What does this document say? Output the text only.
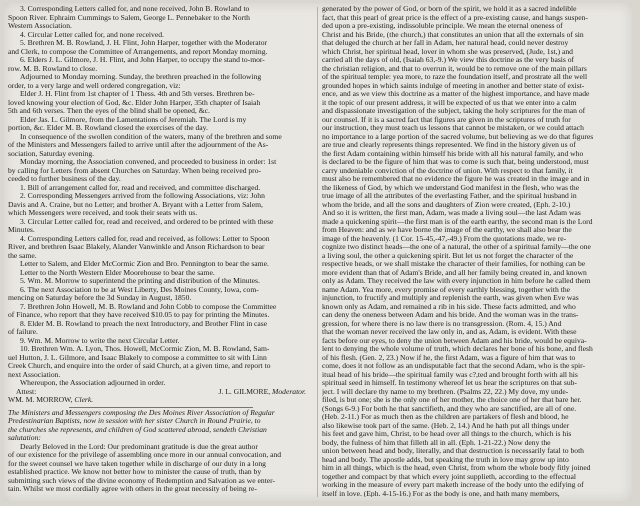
3. Corresponding Letters called for, and none received, John B. Rowland to

Spoon River. Ephraim Cummings to Salem, George L. Pennebaker to the North

Western Association.

4. Circular Letter called for, and none received.

5. Brethren M. B. Rowland, J. H. Flint, John Harper, together with the Moderator

and Clerk, to compose the Committee of Arrangements, and report Monday morning.

6. Elders J. L. Gilmore, J. H. Flint, and John Harper, to occupy the stand to-mor-

row. M. B. Rowland to close.

Adjourned to Monday morning. Sunday, the brethren preached in the following

order, to a very large and well ordered congregation, viz:

Elder J. H. Flint from 1st chapter of 1 Thess. 4th and 5th verses. Brethren be-

loved knowing your election of God, &c. Elder John Harper, 35th chapter of Isaiah

5th and 6th verses. Then the eyes of the blind shall be opened, &c.

Elder Jas. L. Gilmore, from the Lamentations of Jeremiah. The Lord is my

portion, &c. Elder M. B. Rowland closed the exercises of the day.

In consequence of the swollen condition of the waters, many of the brethren and some

of the Ministers and Messengers failed to arrive until after the adjournment of the As-

sociation, Saturday evening.

Monday morning, the Association convened, and proceeded to business in order: 1st

by calling for Letters from absent Churches on Saturday. When being received pro-

ceeded to further business of the day.

1. Bill of arrangement called for, read and received, and committee discharged.

2. Corresponding Messengers arrived from the following Associations, viz: John

Davis and A. Craine, but no Letter; and brother A. Bryant with a Letter from Salem,

which Messengers were received, and took their seats with us.

3. Circular Letter called for, read and received, and ordered to be printed with these

Minutes.

4. Corresponding Letters called for, read and received, as follows: Letter to Spoon

River, and brethren Isaac Blakely, Alander Vanwinkle and Anson Richardson to bear

the same.

Letter to Salem, and Elder McCormic Zion and Bro. Pennington to bear the same.

Letter to the North Western Elder Moorehouse to bear the same.

5. Wm. M. Morrow to superintend the printing and distribution of the Minutes.

6. The next Association to be at West Liberty, Des Moines County, Iowa, com-

mencing on Saturday before the 3d Sunday in August, 1850.

7. Brethren John Howell, M. B. Rowland and John Cobb to compose the Committee

of Finance, who report that they have received $10.05 to pay for printing the Minutes.

8. Elder M. B. Rowland to preach the next Introductory, and Brother Flint in case

of failure.

9. Wm. M. Morrow to write the next Circular Letter.

10. Brethren Wm. A. Lyon, Thos. Howell, McCormic Zion, M. B. Rowland, Sam-

uel Hutton, J. L. Gilmore, and Isaac Blakely to compose a committee to sit with Linn

Creek Church, and enquire into the order of said Church, at a given time, and report to

next Association.

Whereupon, the Association adjourned in order.

Attest:	J. L. GILMORE, Moderator.
WM. M. MORROW, Clerk.

The Ministers and Messengers composing the Des Moines River Association of Regular

Predestinarian Baptists, now in session with her sister Church in Round Prairie, to

the churches she represents, and children of God scattered abroad, sendeth Christian

salutation:

Dearly Beloved in the Lord: Our predominant gratitude is due the great author

of our existence for the privilege of assembling once more in our annual convocation, and

for the sweet counsel we have taken together while in discharge of our duty in a long

established practice. We know not better how to minister the cause of truth, than by

submitting such views of the divine economy of Redemption and Salvation as we enter-

tain. Whilst we most cordially agree with others in the great necessity of being re-

generated by the power of God, or born of the spirit, we hold it as a sacred indelible

fact, that this pearl of great price is the effect of a pre-existing cause, and hangs suspen-

ded upon a pre-existing, indissoluble principle. We mean the eternal oneness of

Christ and his Bride, (the church,) that constitutes an union that all the externals of sin

that deluged the church at her fall in Adam, her natural head, could never destroy

which Christ, her spiritual head, lover in whom she was preserved, (Jude, 1st,) and

carried all the days of old, (Isaiah 63,-9.) We view this doctrine as the very basis of

the christian religion, and that to overrun it, would be to remove one of the main pillars

of the spiritual temple: yea more, to raze the foundation itself, and prostrate all the well

grounded hopes in which saints indulge of meeting in another and better state of exist-

ence, and as we view this doctrine as a matter of the highest importance, and have made

it the topic of our present address, it will be expected of us that we enter into a calm

and dispassionate investigation of the subject, taking the holy scriptures for the man of

our counsel. If it is a sacred fact that figures are given in the scriptures of truth for

our instruction, they must teach us lessons that cannot be mistaken, or we could attach

no importance to a large portion of the sacred volume, but believing as we do that figures

are true and clearly represents things represented. We find in the history given us of

the first Adam containing within himself his bride with all his natural family, and who

is declared to be the figure of him that was to come is such that, being understood, must

carry undeniable conviction of the doctrine of union. With respect to that family, it

must also be remembered that no evidence the figure he was created in the image and in

the likeness of God, by which we understand God manifest in the flesh, who was the

true image of all the attributes of the everlasting Father, and the spiritual husband in

whom the bride, and all the sons and daughters of Zion were created, (Eph. 2-10.)

And so it is written, the first man, Adam, was made a living soul—the last Adam was

made a quickening spirit—the first man is of the earth earthy, the second man is the Lord

from Heaven: and as we have borne the image of the earthy, we shall also bear the

image of the heavenly. (1 Cor. 15-45,-47,-49.) From the quotations made, we re-

cognize two distinct heads—the one of a natural, the other of a spiritual family—the one

a living soul, the other a quickening spirit. But let us not forget the character of the

respective heads, or we shall mistake the character of their families, for nothing can be

more evident than that of Adam's Bride, and all her family being created in, and known

only as Adam. They received the law with every injunction in him before he called them

name Adam. Yea more, every promise of every earthly blessing, together with the

injunction, to fructify and multiply and replenish the earth, was given when Eve was

known only as Adam, and remained a rib in his side. These facts admitted, and who

can deny the oneness between Adam and his bride. And the woman was in the trans-

gression, for where there is no law there is no transgression. (Rom. 4, 15.) And

that the woman never received the law only in, and as, Adam, is evident. With these

facts before our eyes, to deny the union between Adam and his bride, would be equiva-

lent to denying the whole volume of truth, which declares her bone of his bone, and flesh

of his flesh. (Gen. 2, 23.) Now if he, the first Adam, was a figure of him that was to

come, does it not follow as an undisputable fact that the second Adam, who is the spir-

itual head of his bride—the spiritual family was c?,ted and brought forth with all his

spiritual seed in himself. In testimony whereof let us hear the scriptures on that sub-

ject. I will declare thy name to my brethren. (Psalms 22, 22.) My dove, my unde-

filed, is but one; she is the only one of her mother, the choice one of her that bare her.

(Songs 6-9.) For both he that sanctifieth, and they who are sanctified, are all of one.

(Heb. 2-11.) For as much then as the children are partakers of flesh and blood, he

also likewise took part of the same. (Heb. 2, 14.) And he hath put all things under

his feet and gave him, Christ, to be head over all things to the church, which is his

body, the fulness of him that filleth all in all. (Eph. 1-21-22.) Now deny the

union between head and body, literally, and that destruction is necessarily fatal to both

head and body. The apostle adds, but speaking the truth in love may grow up into

him in all things, which is the head, even Christ, from whom the whole body fitly joined

together and compact by that which every joint supplieth, according to the effectual

working in the measure of every part maketh increase of the body unto the edifying of

itself in love. (Eph. 4-15-16.) For as the body is one, and hath many members,
